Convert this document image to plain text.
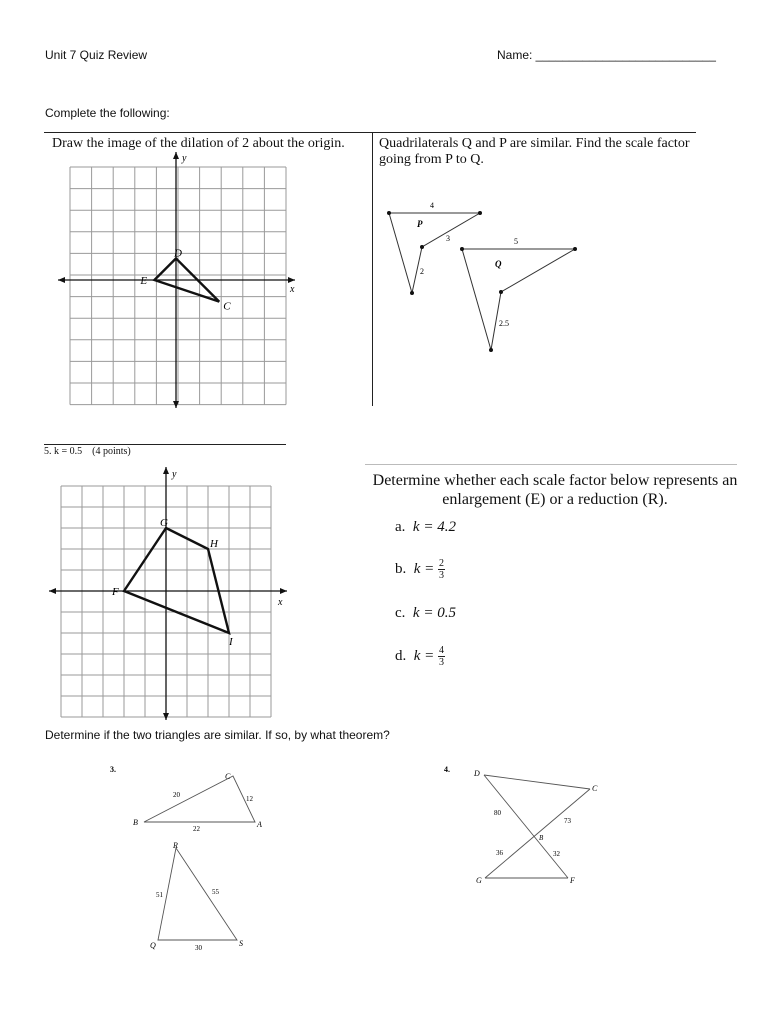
Unit 7 Quiz Review	Name: ___________________________
Complete the following:
Draw the image of the dilation of 2 about the origin.
x
y
D
E
C
Quadrilaterals Q and P are similar. Find the scale factor
going from P to Q.
4
P
3
2
5
Q
2.5
5. k = 0.5 (4 points)
x
y
G
H
I
F
Determine whether each scale factor below represents an
enlargement (E) or a reduction (R).
a. k = 4.2
b. $k = \frac{2}{3}$
c. k = 0.5
d. $k = \frac{4}{3}$
Determine if the two triangles are similar. If so, by what theorem?
3.
C
B	A
20	12
22
R
Q	S
51	55
30
4.	D
C
B
G	F
80
73
36	32
